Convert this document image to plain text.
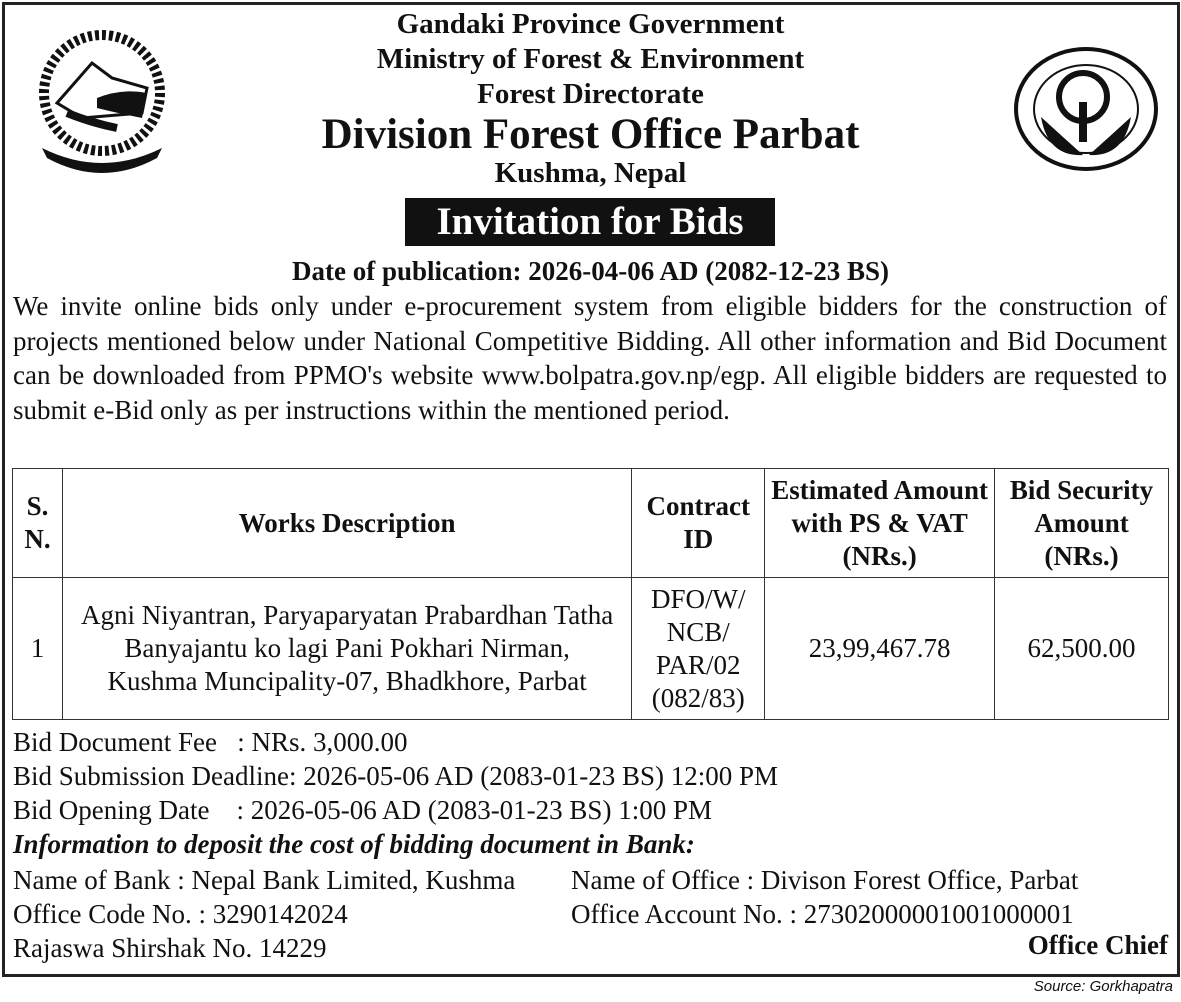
Gandaki Province Government
Ministry of Forest & Environment
Forest Directorate
Division Forest Office Parbat
Kushma, Nepal
Invitation for Bids
Date of publication: 2026-04-06 AD (2082-12-23 BS)
We invite online bids only under e-procurement system from eligible bidders for the construction of projects mentioned below under National Competitive Bidding. All other information and Bid Document can be downloaded from PPMO's website www.bolpatra.gov.np/egp. All eligible bidders are requested to submit e-Bid only as per instructions within the mentioned period.
S. N.	Works Description	Contract ID	Estimated Amount with PS & VAT (NRs.)	Bid Security Amount (NRs.)
1	Agni Niyantran, Paryaparyatan Prabardhan Tatha Banyajantu ko lagi Pani Pokhari Nirman, Kushma Muncipality-07, Bhadkhore, Parbat	DFO/W/ NCB/ PAR/02 (082/83)	23,99,467.78	62,500.00
Bid Document Fee   : NRs. 3,000.00
Bid Submission Deadline: 2026-05-06 AD (2083-01-23 BS) 12:00 PM
Bid Opening Date    : 2026-05-06 AD (2083-01-23 BS) 1:00 PM
Information to deposit the cost of bidding document in Bank:
Name of Bank : Nepal Bank Limited, Kushma
Office Code No. : 3290142024
Rajaswa Shirshak No. 14229
Name of Office : Divison Forest Office, Parbat
Office Account No. : 27302000001001000001
Office Chief
Source: Gorkhapatra
